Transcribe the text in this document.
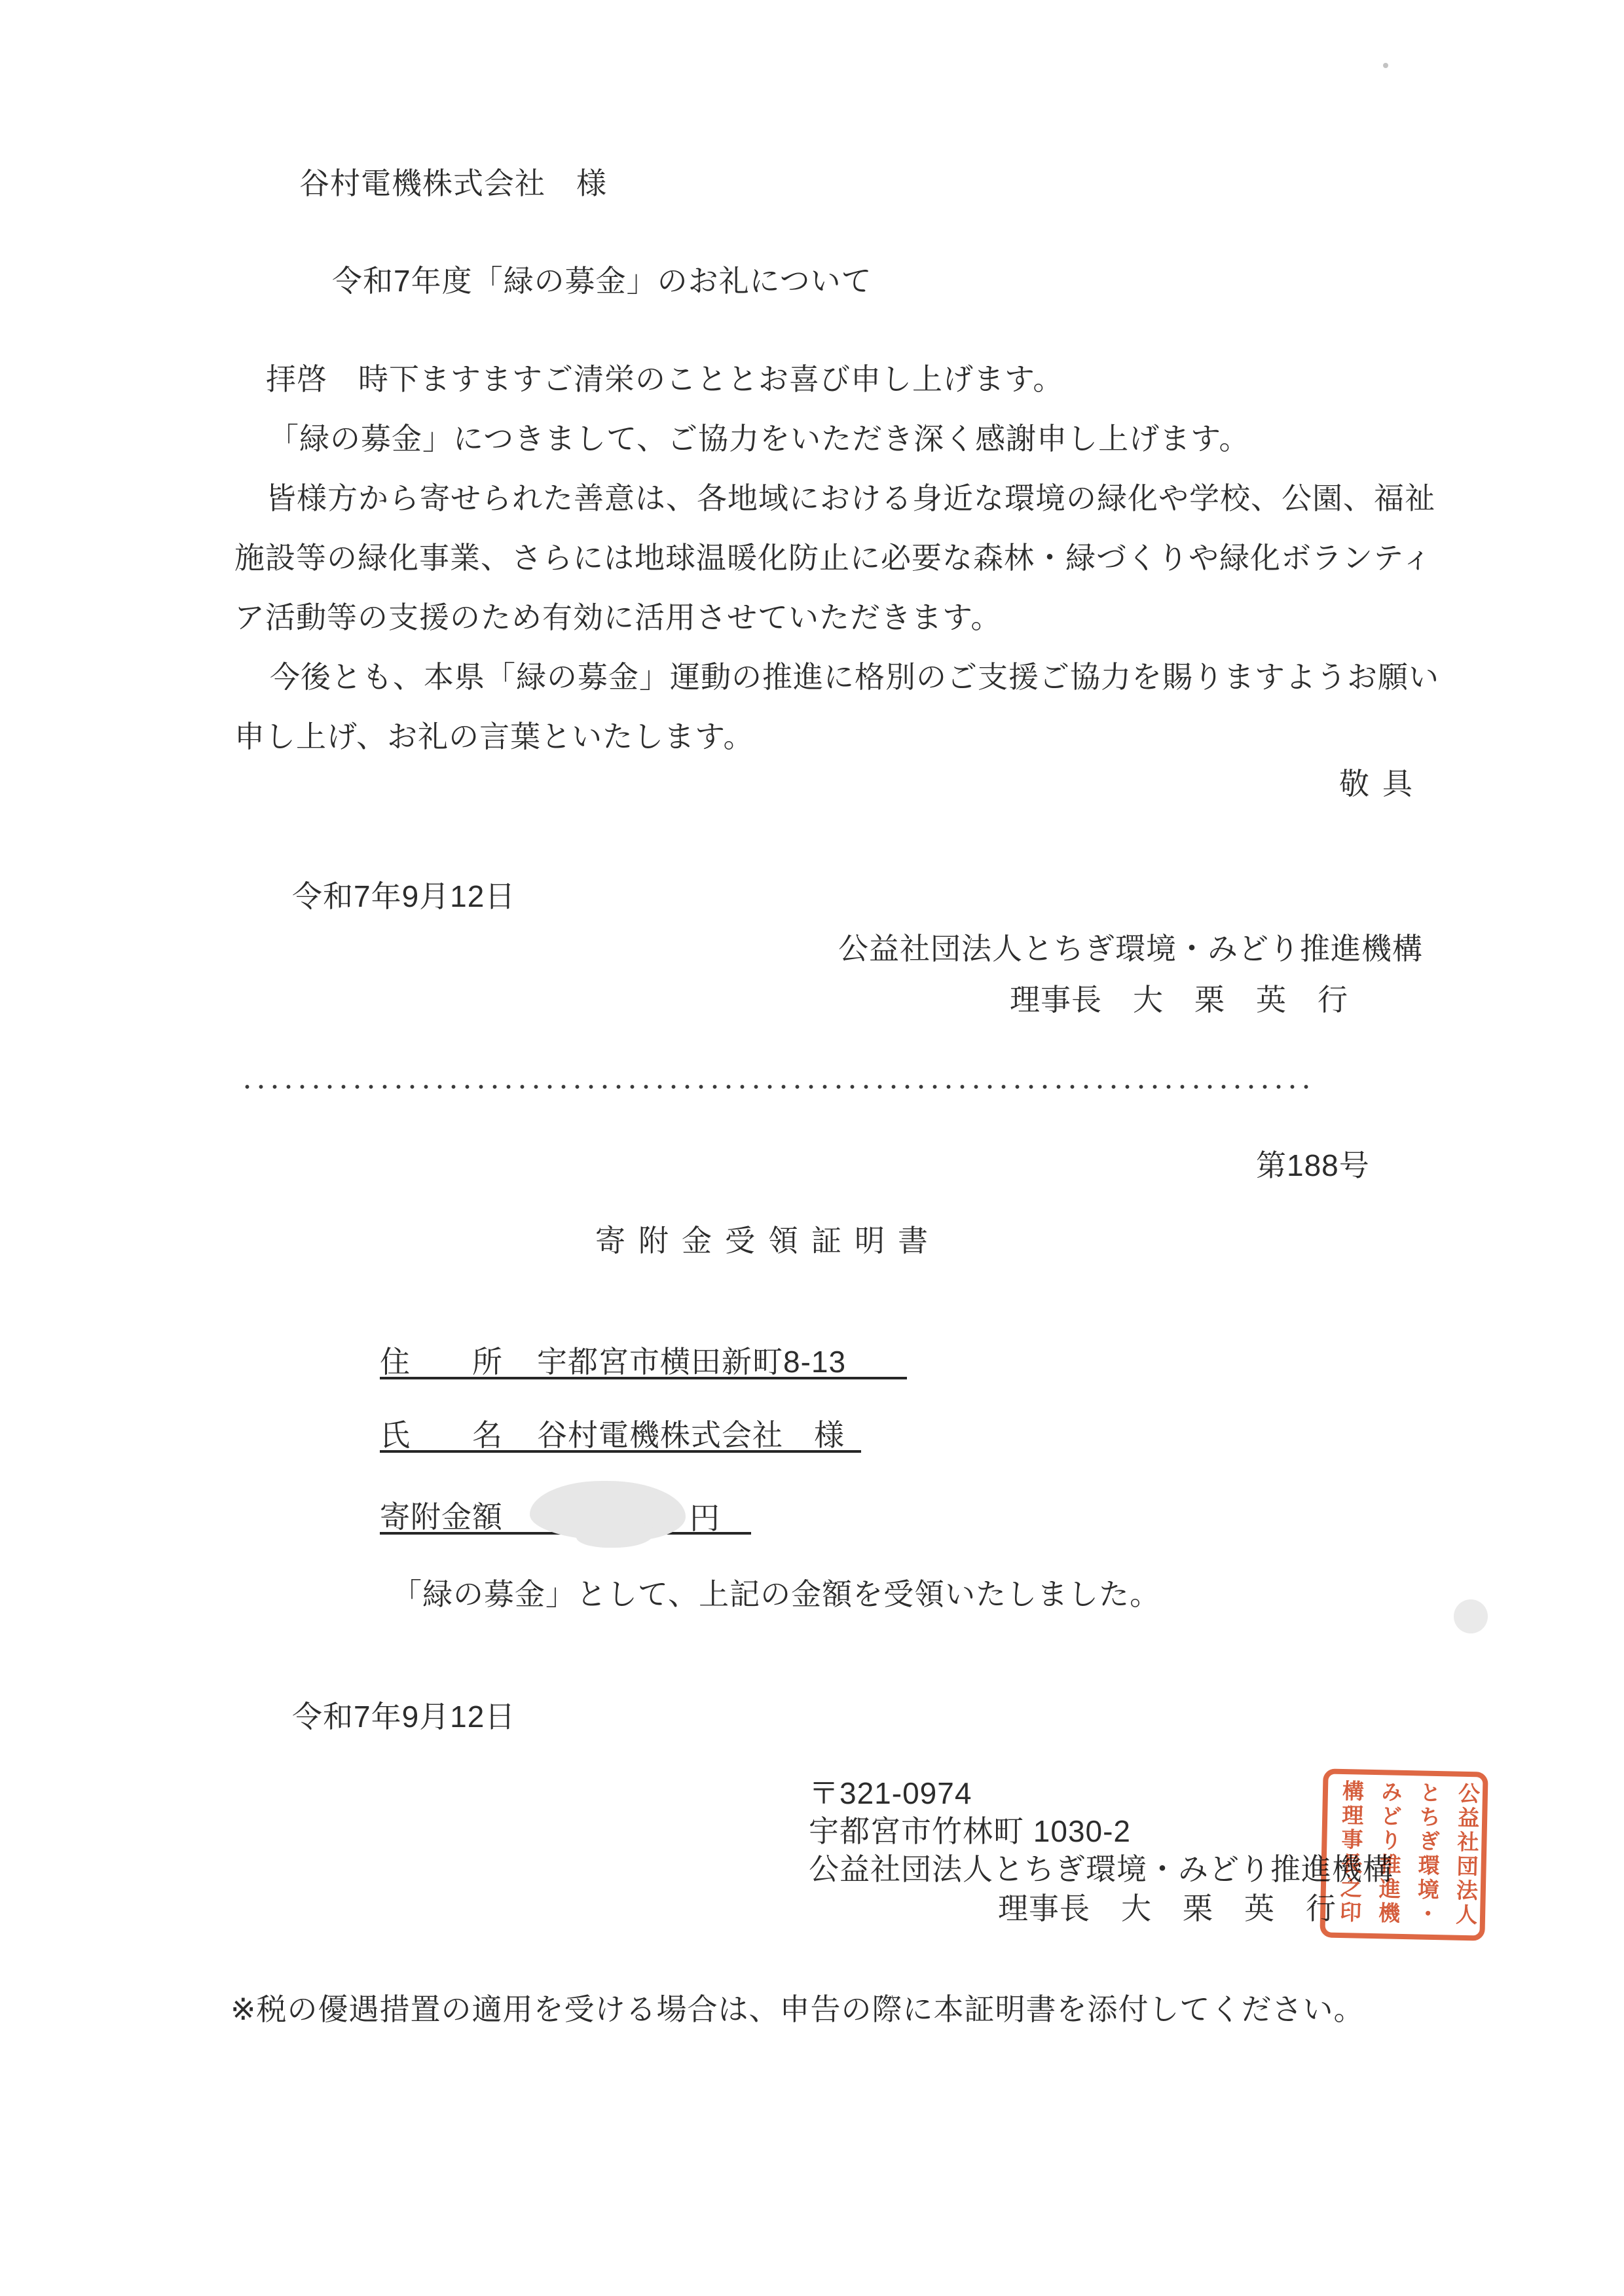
谷村電機株式会社　様
令和7年度「緑の募金」のお礼について
拝啓　時下ますますご清栄のこととお喜び申し上げます。
「緑の募金」につきまして、ご協力をいただき深く感謝申し上げます。
皆様方から寄せられた善意は、各地域における身近な環境の緑化や学校、公園、福祉
施設等の緑化事業、さらには地球温暖化防止に必要な森林・緑づくりや緑化ボランティ
ア活動等の支援のため有効に活用させていただきます。
今後とも、本県「緑の募金」運動の推進に格別のご支援ご協力を賜りますようお願い
申し上げ、お礼の言葉といたします。
敬具
令和7年9月12日
公益社団法人とちぎ環境・みどり推進機構
理事長　大　栗　英　行
第188号
寄附金受領証明書
住　　所 宇都宮市横田新町8-13
氏　　名 谷村電機株式会社　様
寄附金額	円
「緑の募金」として、上記の金額を受領いたしました。
令和7年9月12日
〒321-0974
宇都宮市竹林町 1030-2
公益社団法人とちぎ環境・みどり推進機構
理事長　大　栗　英　行	公益社団法人
とちぎ環境・
みどり推進機
構理事長之印
※税の優遇措置の適用を受ける場合は、申告の際に本証明書を添付してください。
